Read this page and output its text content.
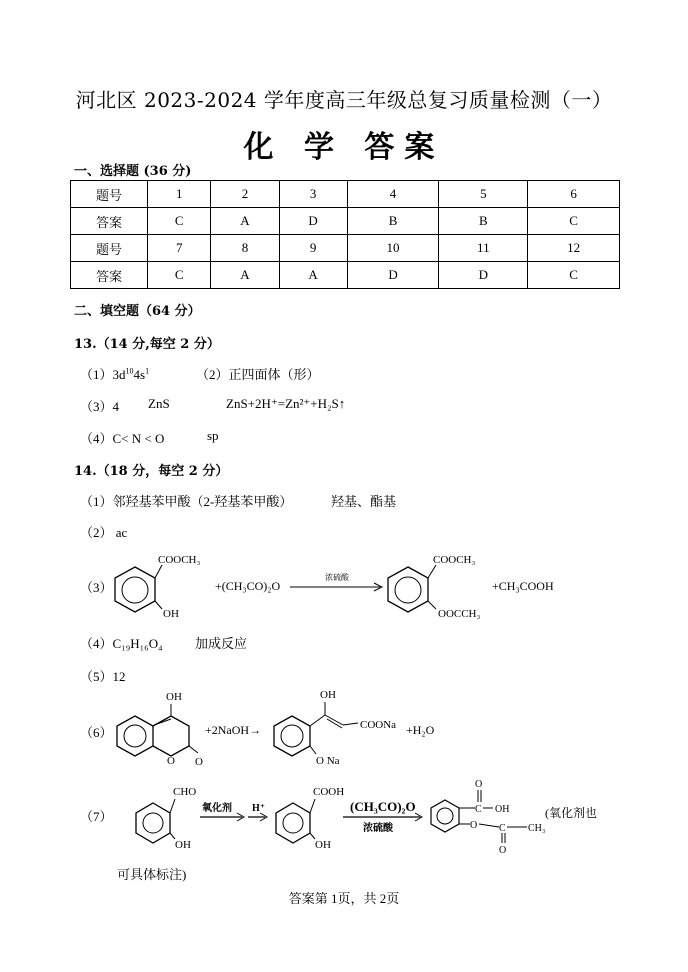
河北区 2023-2024 学年度高三年级总复习质量检测（一）
化 学 答案
一、选择题 (36 分)
题号	1	2	3	4	5	6
答案	C	A	D	B	B	C
题号	7	8	9	10	11	12
答案	C	A	A	D	D	C
二、填空题（64 分）
13.（14 分,每空 2 分）
$(1)3d^{10}4s^1$	（2）正四面体（形）
（3）4 ZnS	ZnS+2H⁺=Zn²⁺+H₂S↑
（4）C< N < O	sp
14.（18 分，每空 2 分）
（1）邻羟基苯甲酸（2-羟基苯甲酸）	羟基、酯基
（2） ac
（3）
COOCH₃
OH
+(CH₃CO)₂O
浓硫酸
COOCH₃
OOCCH₃
+CH₃COOH
（4）C₁₉H₁₆O₄ 加成反应
（5）12
（6）
OH
O O
+2NaOH→
OH
COONa +H₂O
O Na
（7）
CHO
OH
氧化剂 H⁺
COOH
OH
(CH₃CO)₂O
浓硫酸
C
O
OH
O C
O
CH₃
(氧化剂也
可具体标注)
答案第 1页，共 2页
